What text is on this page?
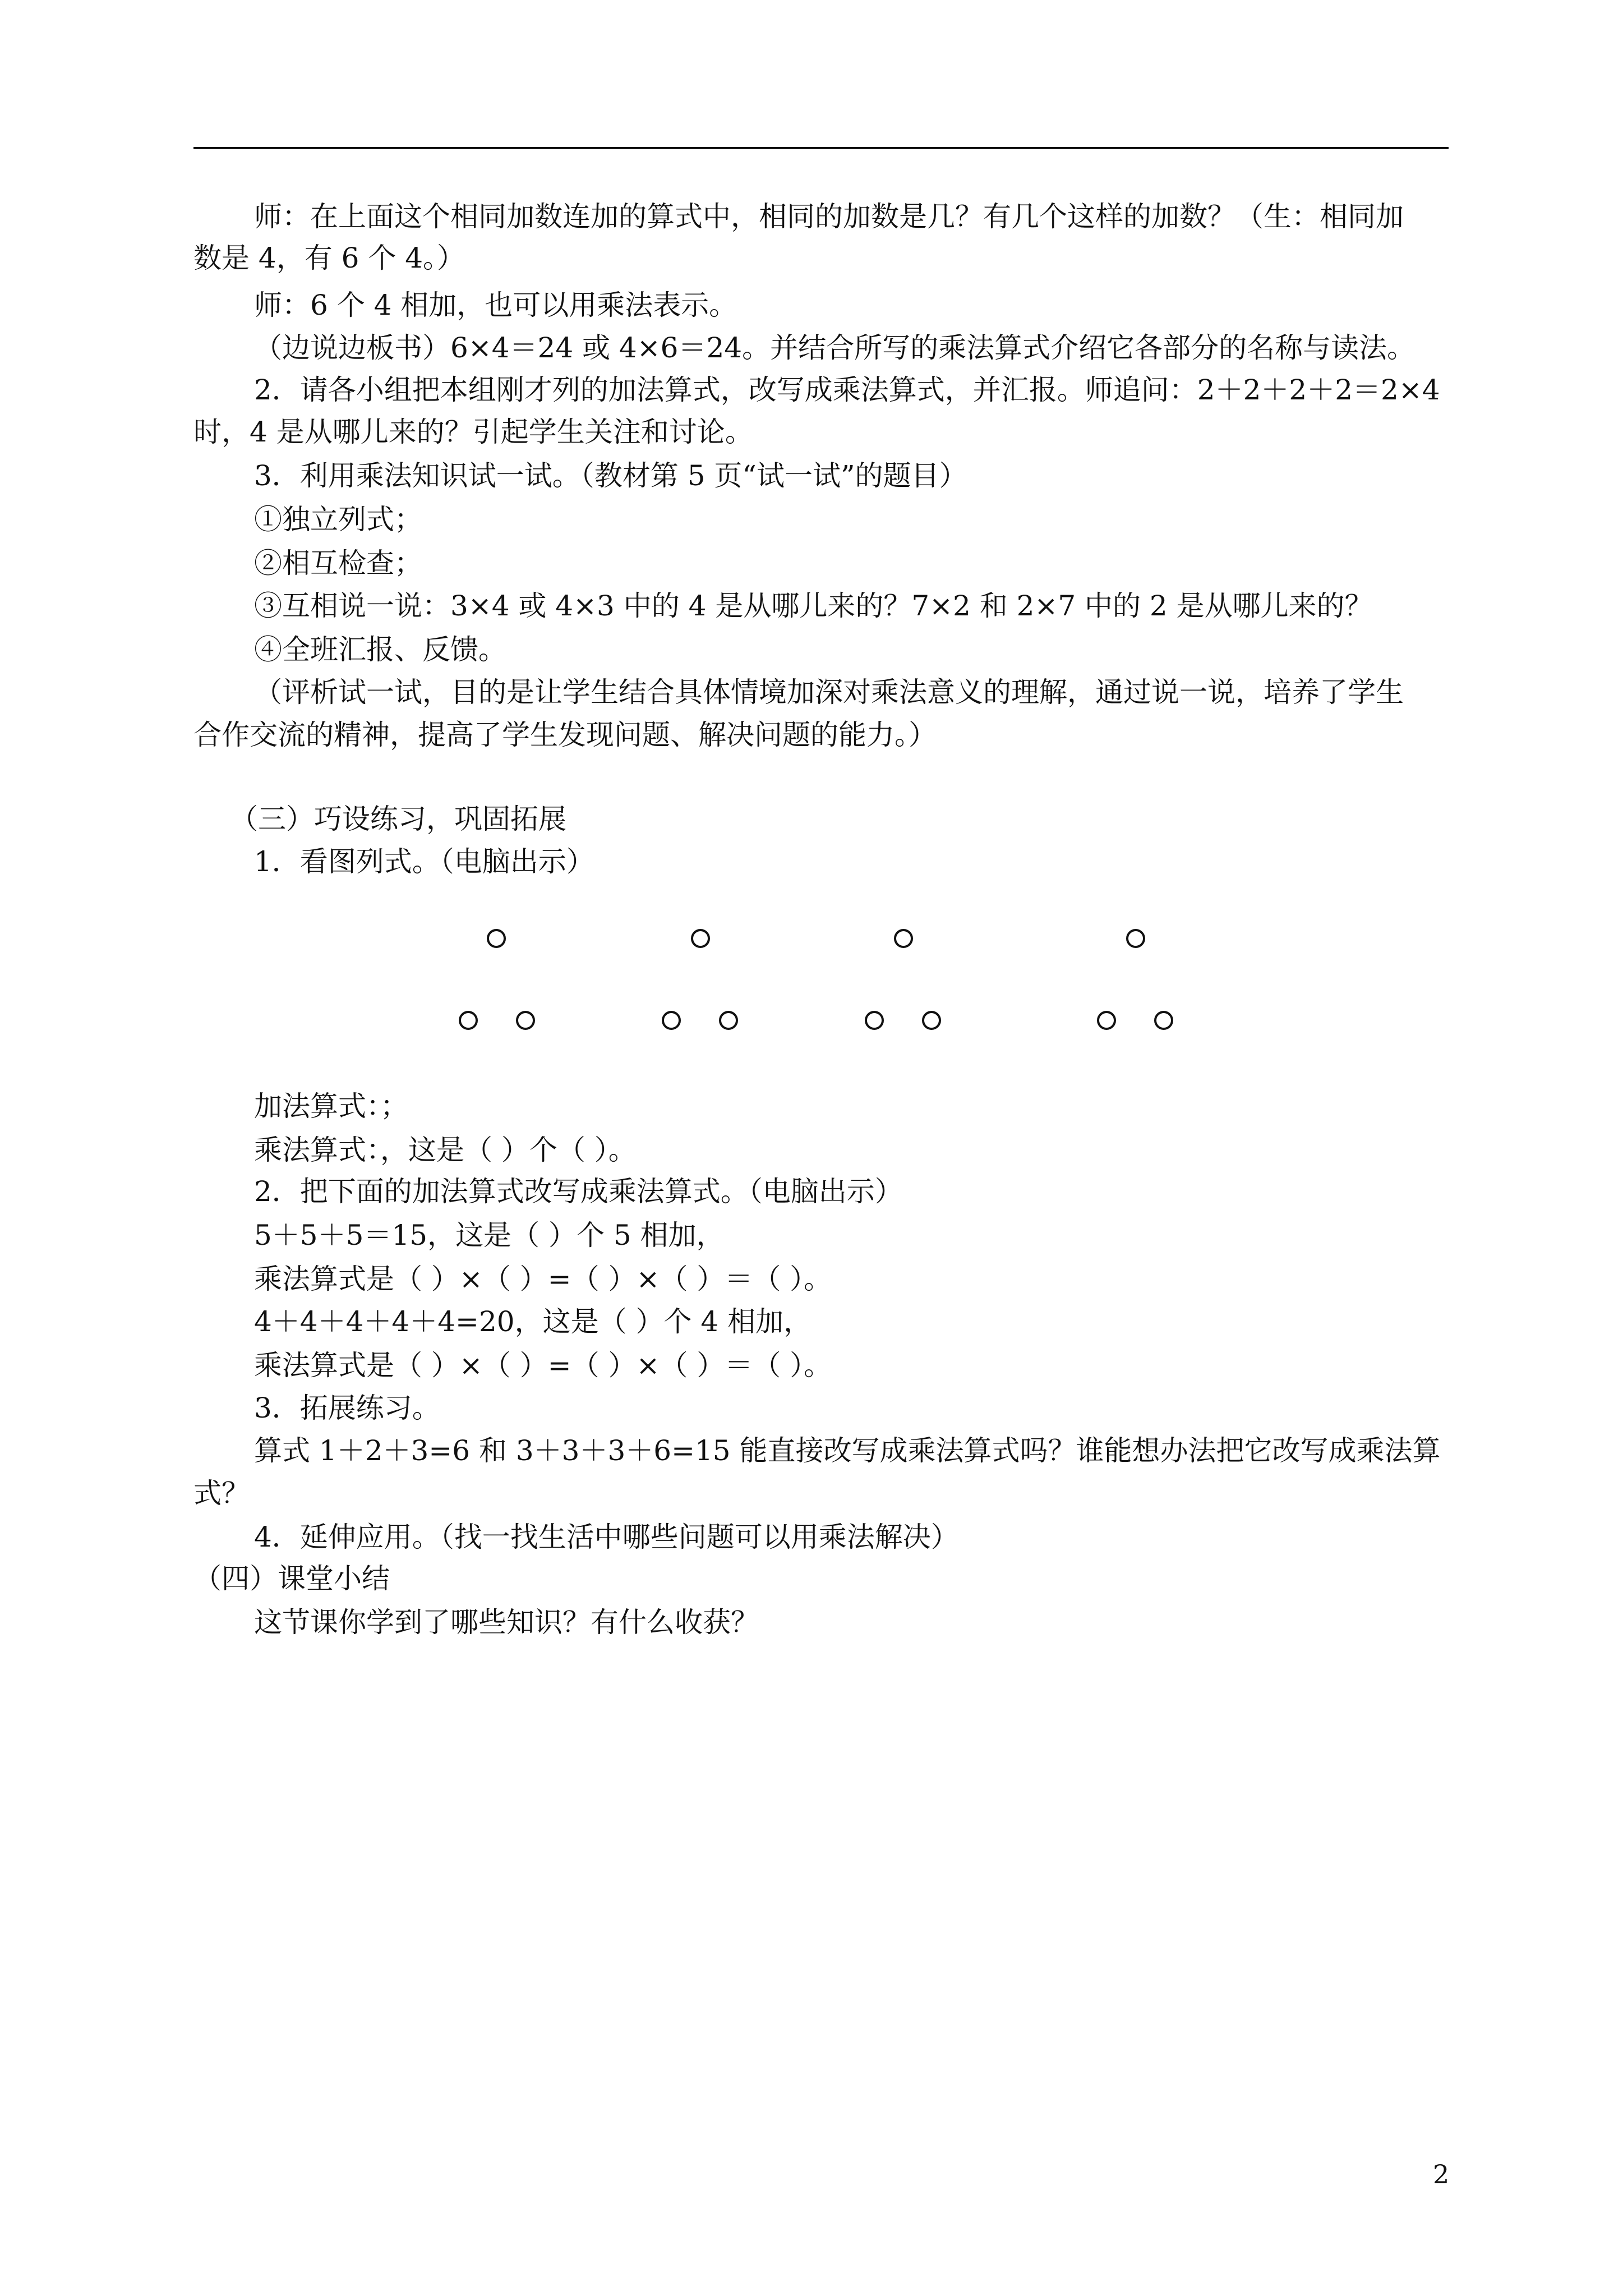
师：在上面这个相同加数连加的算式中，相同的加数是几？有几个这样的加数？（生：相同加
数是 4，有 6 个 4。）
师：6 个 4 相加，也可以用乘法表示。
（边说边板书）6×4＝24 或 4×6＝24。并结合所写的乘法算式介绍它各部分的名称与读法。
2．请各小组把本组刚才列的加法算式，改写成乘法算式，并汇报。师追问：2＋2＋2＋2＝2×4
时，4 是从哪儿来的？引起学生关注和讨论。
3．利用乘法知识试一试。（教材第 5 页“试一试”的题目）
①独立列式；
②相互检查；
③互相说一说：3×4 或 4×3 中的 4 是从哪儿来的？7×2 和 2×7 中的 2 是从哪儿来的？
④全班汇报、反馈。
（评析试一试，目的是让学生结合具体情境加深对乘法意义的理解，通过说一说，培养了学生
合作交流的精神，提高了学生发现问题、解决问题的能力。）
（三）巧设练习，巩固拓展
1．看图列式。（电脑出示）
加法算式：；
乘法算式：，这是（ ）个（ ）。
2．把下面的加法算式改写成乘法算式。（电脑出示）
5＋5＋5＝15，这是（ ）个 5 相加，
乘法算式是（ ）×（ ）=（ ）×（ ）＝（ ）。
4＋4＋4＋4＋4=20，这是（ ）个 4 相加，
乘法算式是（ ）×（ ）=（ ）×（ ）＝（ ）。
3．拓展练习。
算式 1＋2＋3=6 和 3＋3＋3＋6=15 能直接改写成乘法算式吗？谁能想办法把它改写成乘法算
式？
4．延伸应用。（找一找生活中哪些问题可以用乘法解决）
（四）课堂小结
这节课你学到了哪些知识？有什么收获？
2
